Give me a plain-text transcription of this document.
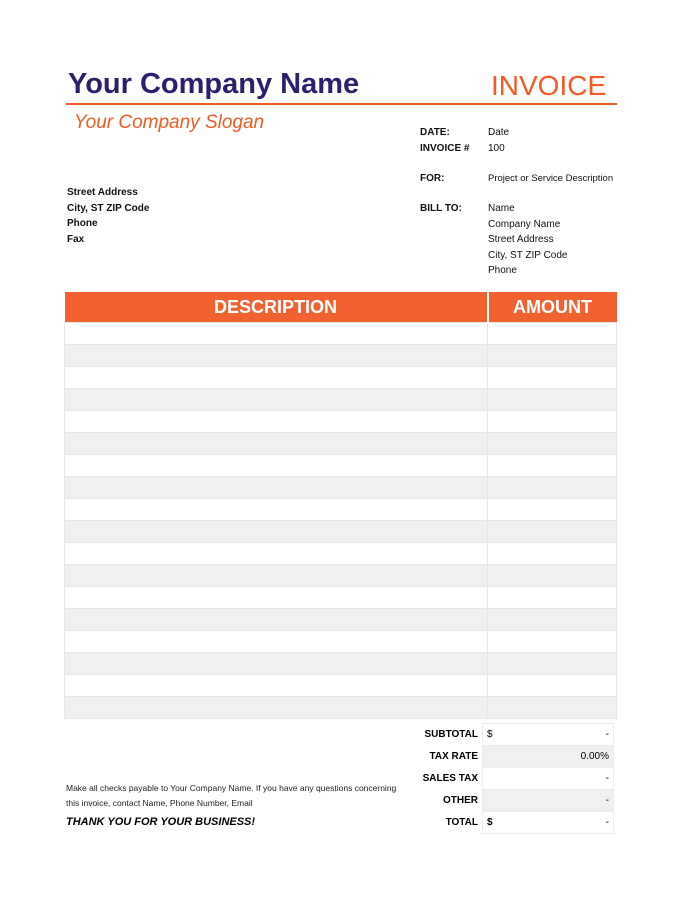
Your Company Name	INVOICE
Your Company Slogan
Street Address
City, ST ZIP Code
Phone
Fax
DATE:	Date
INVOICE # 100
FOR:	Project or Service Description
BILL TO:	Name
Company Name
Street Address
City, ST ZIP Code
Phone
DESCRIPTION	AMOUNT

SUBTOTAL	$ -

TAX RATE	0.00%

SALES TAX	-

OTHER	-

TOTAL	$ -
Make all checks payable to Your Company Name. If you have any questions concerning this invoice, contact Name, Phone Number, Email
THANK YOU FOR YOUR BUSINESS!
